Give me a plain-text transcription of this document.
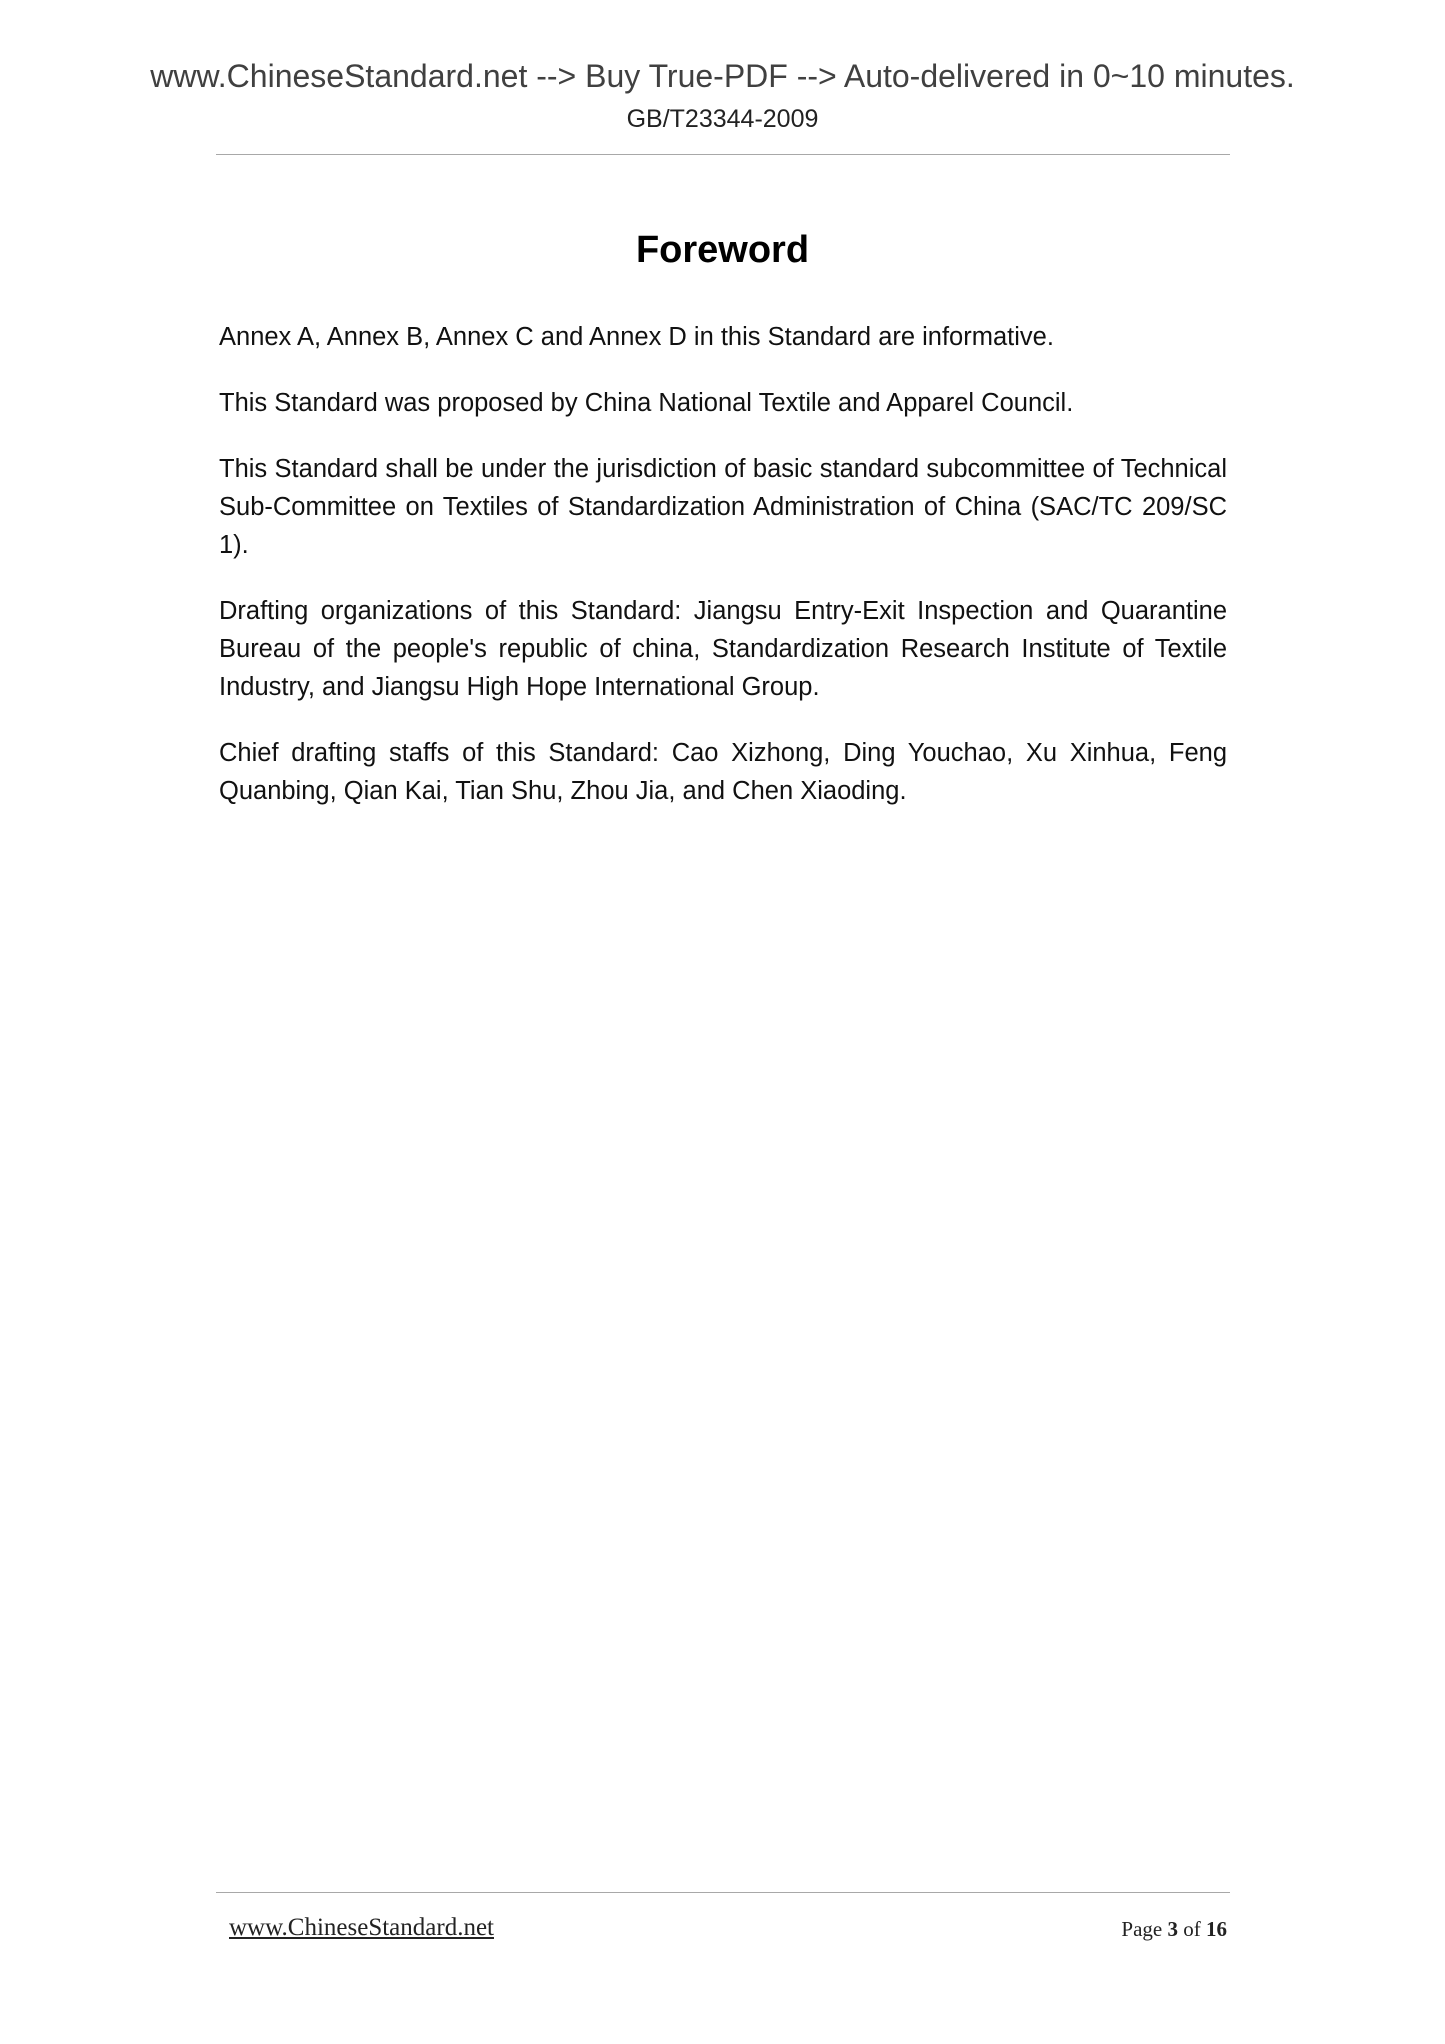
www.ChineseStandard.net --> Buy True-PDF --> Auto-delivered in 0~10 minutes.
GB/T23344-2009
Foreword

Annex A, Annex B, Annex C and Annex D in this Standard are informative.

This Standard was proposed by China National Textile and Apparel Council.

This Standard shall be under the jurisdiction of basic standard subcommittee of Technical Sub-Committee on Textiles of Standardization Administration of China (SAC/TC 209/SC 1).

Drafting organizations of this Standard: Jiangsu Entry-Exit Inspection and Quarantine Bureau of the people's republic of china, Standardization Research Institute of Textile Industry, and Jiangsu High Hope International Group.

Chief drafting staffs of this Standard: Cao Xizhong, Ding Youchao, Xu Xinhua, Feng Quanbing, Qian Kai, Tian Shu, Zhou Jia, and Chen Xiaoding.

www.ChineseStandard.net	Page 3 of 16
